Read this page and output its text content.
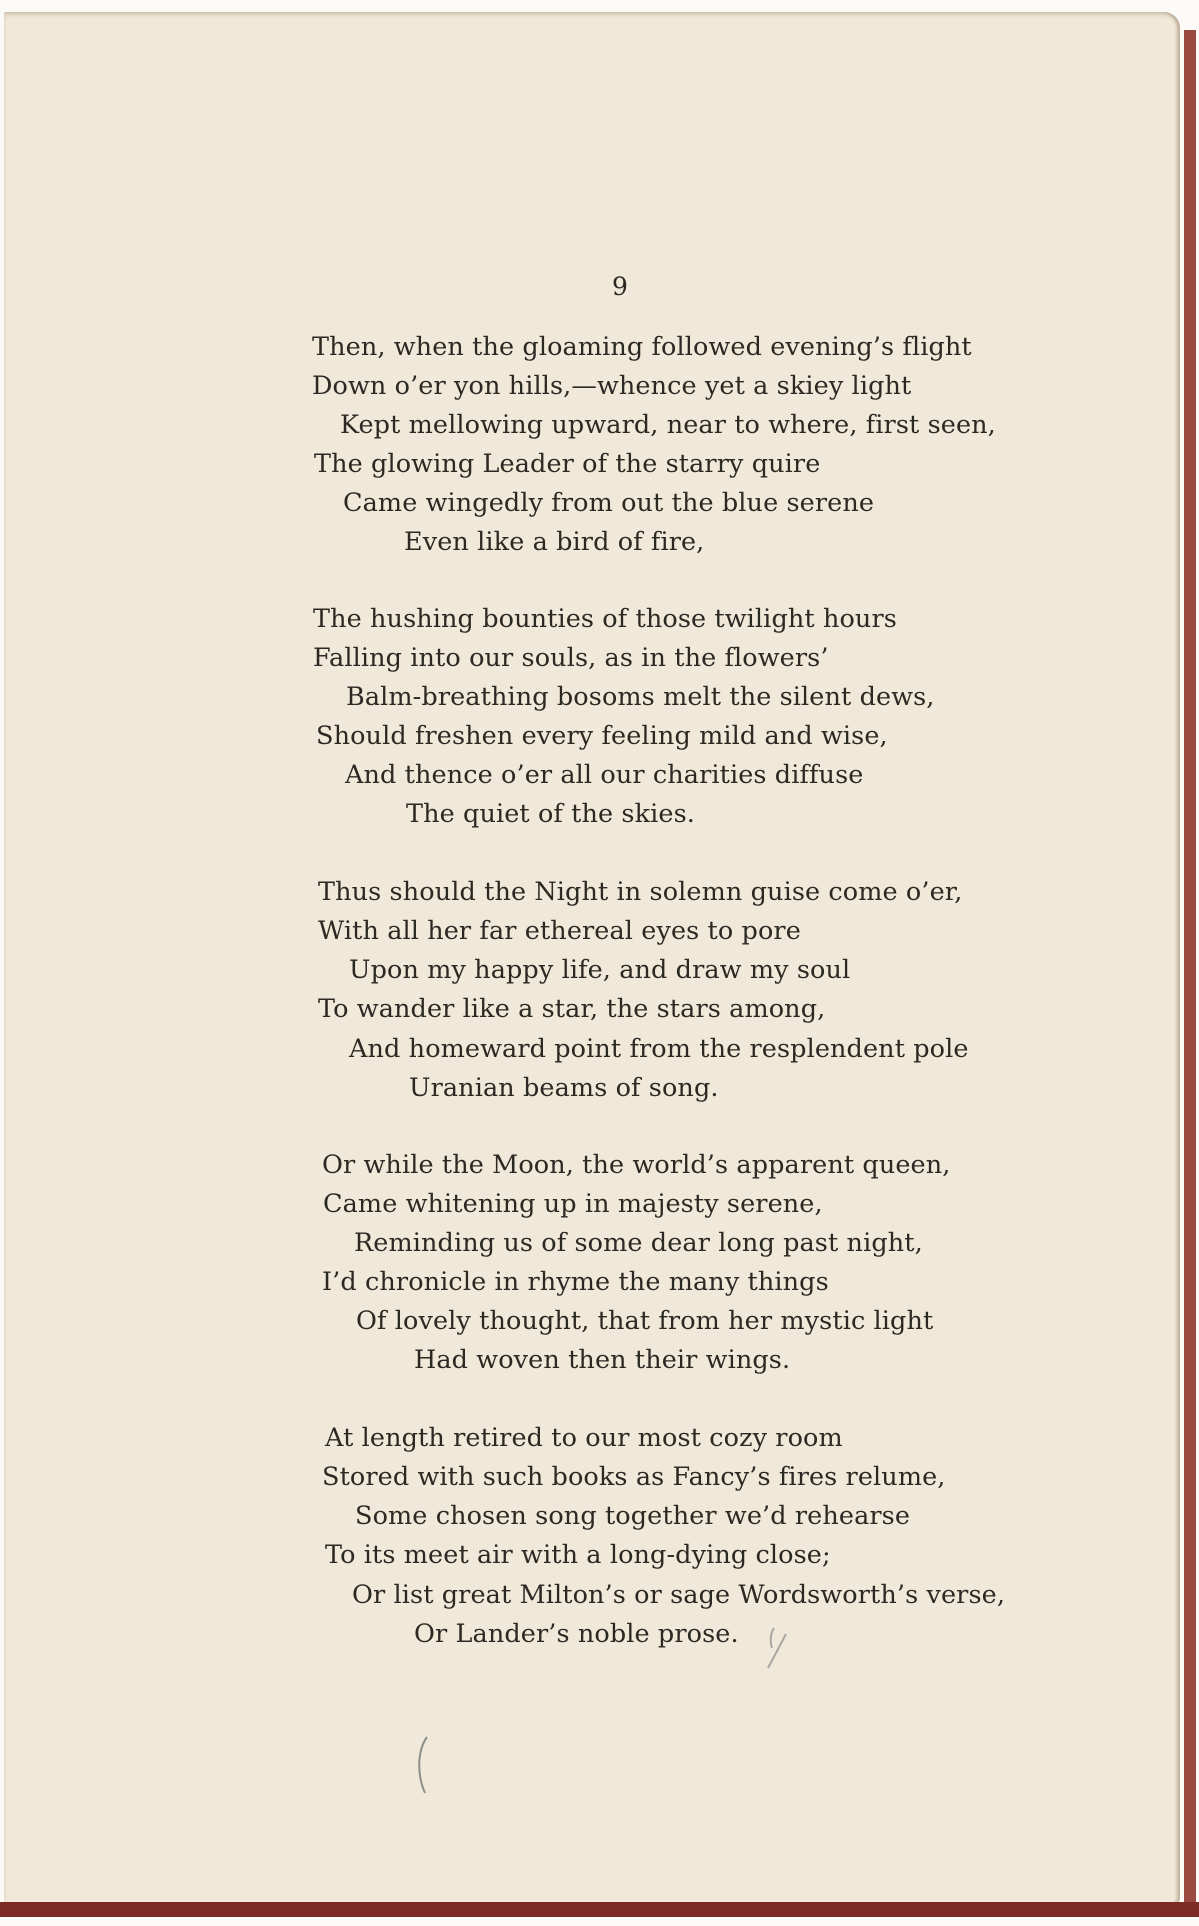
9
Then, when the gloaming followed evening’s flight
Down o’er yon hills,—whence yet a skiey light
Kept mellowing upward, near to where, first seen,
The glowing Leader of the starry quire
Came wingedly from out the blue serene
Even like a bird of fire,
The hushing bounties of those twilight hours
Falling into our souls, as in the flowers’
Balm-breathing bosoms melt the silent dews,
Should freshen every feeling mild and wise,
And thence o’er all our charities diffuse
The quiet of the skies.
Thus should the Night in solemn guise come o’er,
With all her far ethereal eyes to pore
Upon my happy life, and draw my soul
To wander like a star, the stars among,
And homeward point from the resplendent pole
Uranian beams of song.
Or while the Moon, the world’s apparent queen,
Came whitening up in majesty serene,
Reminding us of some dear long past night,
I’d chronicle in rhyme the many things
Of lovely thought, that from her mystic light
Had woven then their wings.
At length retired to our most cozy room
Stored with such books as Fancy’s fires relume,
Some chosen song together we’d rehearse
To its meet air with a long-dying close;
Or list great Milton’s or sage Wordsworth’s verse,
Or Lander’s noble prose.
